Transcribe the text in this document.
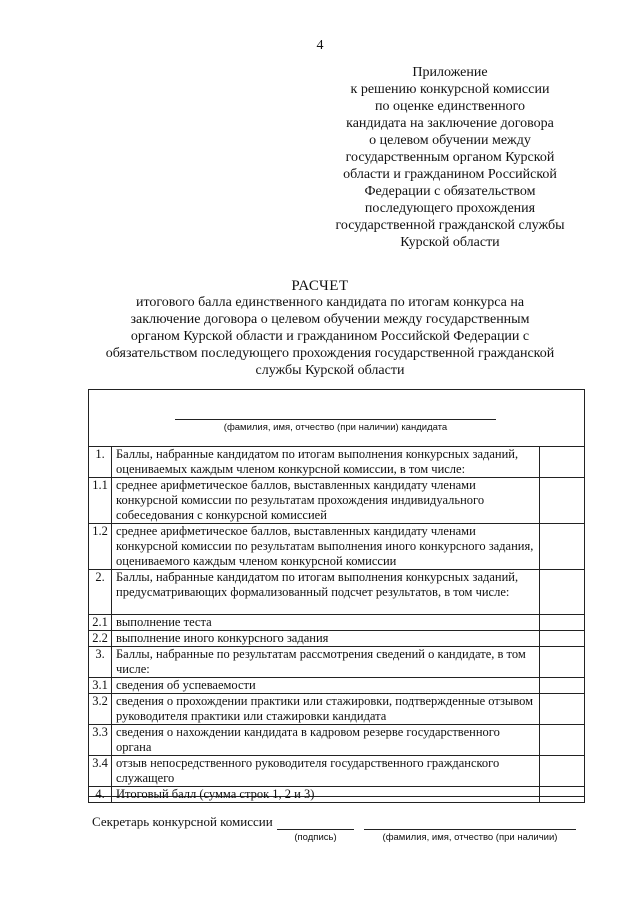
4
Приложение
к решению конкурсной комиссии
по оценке единственного
кандидата на заключение договора
о целевом обучении между
государственным органом Курской
области и гражданином Российской
Федерации с обязательством
последующего прохождения
государственной гражданской службы
Курской области
РАСЧЕТ
итогового балла единственного кандидата по итогам конкурса на
заключение договора о целевом обучении между государственным
органом Курской области и гражданином Российской Федерации с
обязательством последующего прохождения государственной гражданской
службы Курской области
(фамилия, имя, отчество (при наличии) кандидата
1.	Баллы, набранные кандидатом по итогам выполнения конкурсных заданий, оцениваемых каждым членом конкурсной комиссии, в том числе:	
1.1	среднее арифметическое баллов, выставленных кандидату членами конкурсной комиссии по результатам прохождения индивидуального собеседования с конкурсной комиссией	
1.2	среднее арифметическое баллов, выставленных кандидату членами конкурсной комиссии по результатам выполнения иного конкурсного задания, оцениваемого каждым членом конкурсной комиссии	
2.	Баллы, набранные кандидатом по итогам выполнения конкурсных заданий, предусматривающих формализованный подсчет результатов, в том числе:	
2.1	выполнение теста	
2.2	выполнение иного конкурсного задания	
3.	Баллы, набранные по результатам рассмотрения сведений о кандидате, в том числе:	
3.1	сведения об успеваемости	
3.2	сведения о прохождении практики или стажировки, подтвержденные отзывом руководителя практики или стажировки кандидата	
3.3	сведения о нахождении кандидата в кадровом резерве государственного органа	
3.4	отзыв непосредственного руководителя государственного гражданского служащего	
4.	Итоговый балл (сумма строк 1, 2 и 3)	
Секретарь конкурсной комиссии
(подпись)	(фамилия, имя, отчество (при наличии)
